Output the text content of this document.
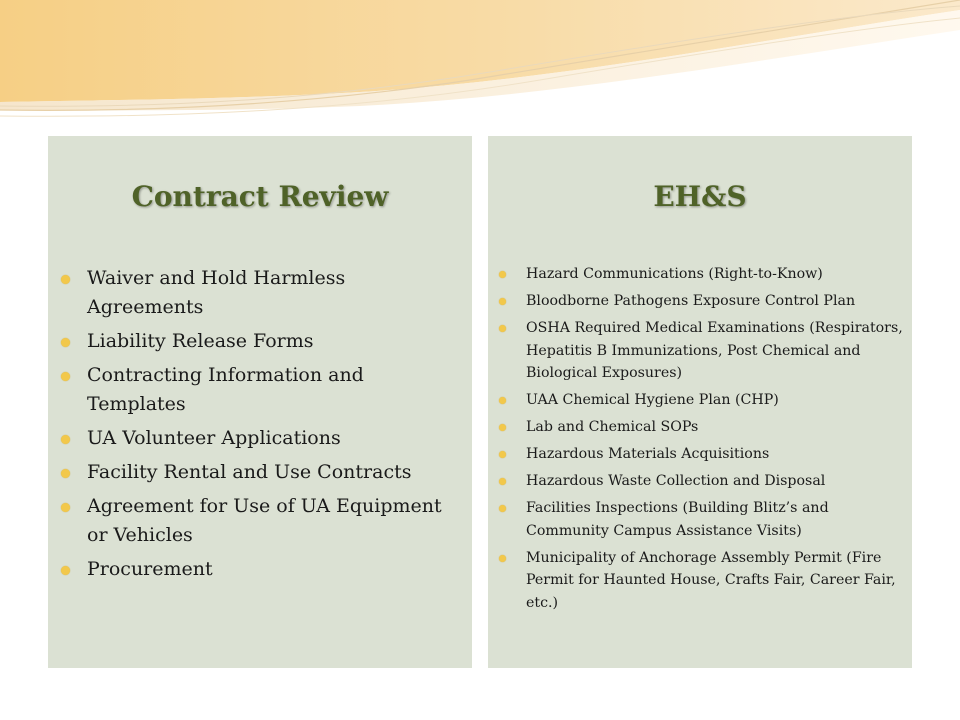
Contract Review
Waiver and Hold Harmless Agreements
Liability Release Forms
Contracting Information and Templates
UA Volunteer Applications
Facility Rental and Use Contracts
Agreement for Use of UA Equipment or Vehicles
Procurement
EH&S
Hazard Communications (Right-to-Know)
Bloodborne Pathogens Exposure Control Plan
OSHA Required Medical Examinations (Respirators, Hepatitis B Immunizations, Post Chemical and Biological Exposures)
UAA Chemical Hygiene Plan (CHP)
Lab and Chemical SOPs
Hazardous Materials Acquisitions
Hazardous Waste Collection and Disposal
Facilities Inspections (Building Blitz’s and Community Campus Assistance Visits)
Municipality of Anchorage Assembly Permit (Fire Permit for Haunted House, Crafts Fair, Career Fair, etc.)
